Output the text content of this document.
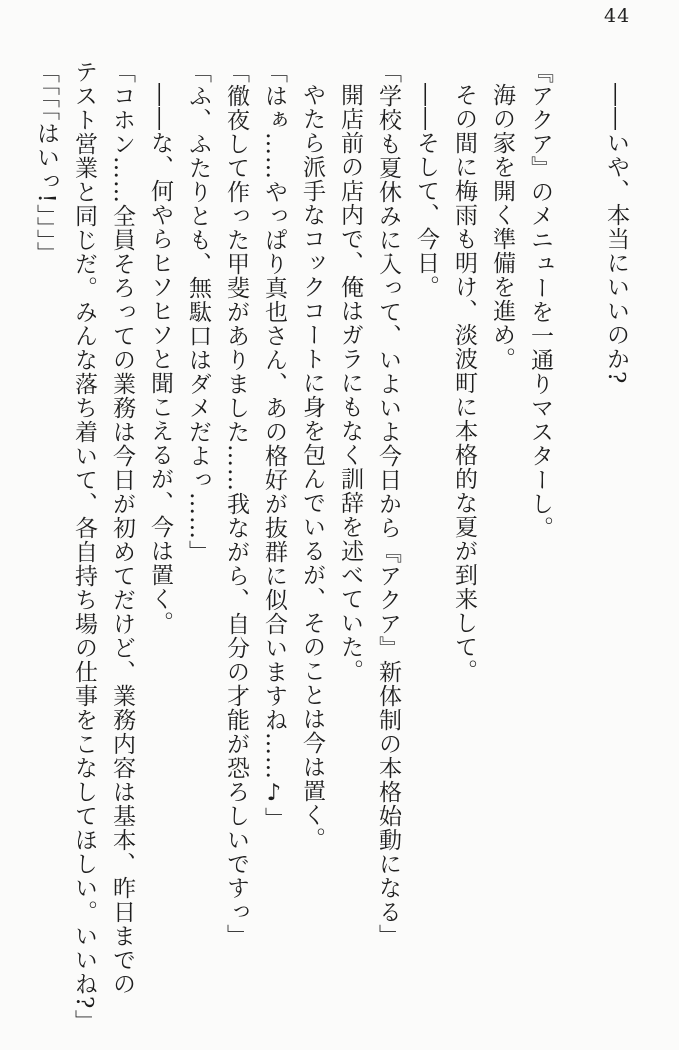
44

――いや、本当にいいのか?

『アクア』のメニューを一通りマスターし。

海の家を開く準備を進め。

その間に梅雨も明け、淡波町に本格的な夏が到来して。

――そして、今日。

「学校も夏休みに入って、いよいよ今日から『アクア』新体制の本格始動になる」

開店前の店内で、俺はガラにもなく訓辞を述べていた。

やたら派手なコックコートに身を包んでいるが、そのことは今は置く。

「はぁ……やっぱり真也さん、あの格好が抜群に似合いますね……♪」

「徹夜して作った甲斐がありました……我ながら、自分の才能が恐ろしいですっ」

「ふ、ふたりとも、無駄口はダメだよっ……」

――な、何やらヒソヒソと聞こえるが、今は置く。

「コホン……全員そろっての業務は今日が初めてだけど、業務内容は基本、昨日までの

テスト営業と同じだ。みんな落ち着いて、各自持ち場の仕事をこなしてほしい。いいね?」

「「「「はいっ!」」」」
